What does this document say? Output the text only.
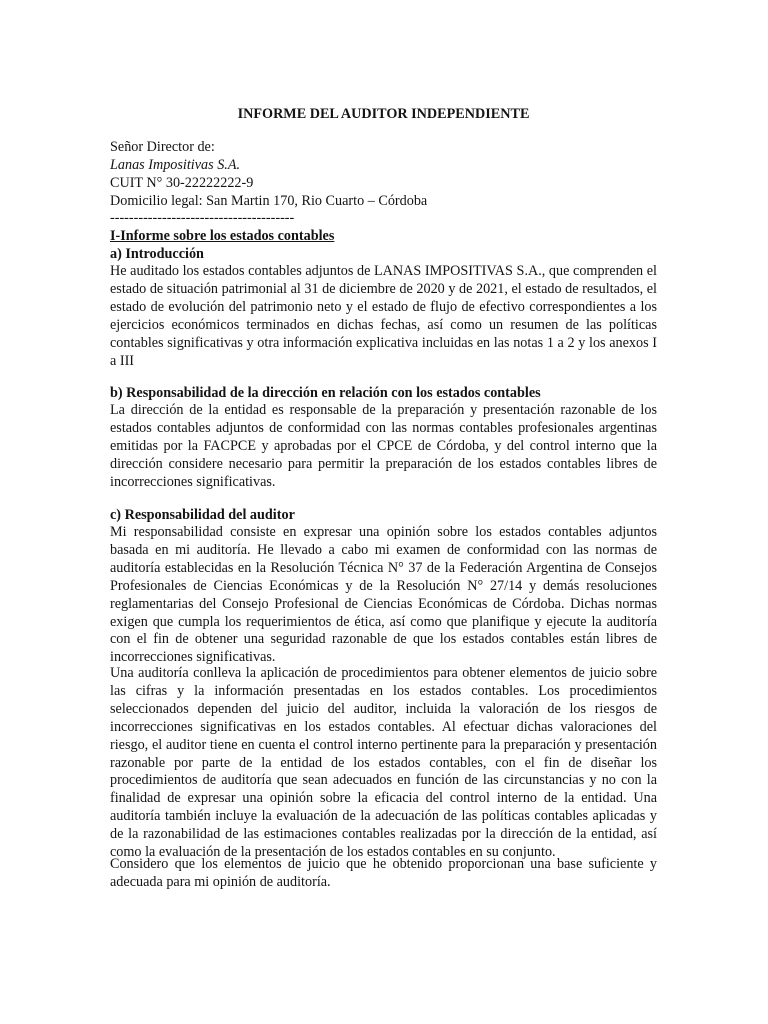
INFORME DEL AUDITOR INDEPENDIENTE
Señor Director de:
Lanas Impositivas S.A.
CUIT N° 30-22222222-9
Domicilio legal: San Martin 170, Rio Cuarto – Córdoba
---------------------------------------
I-Informe sobre los estados contables
a) Introducción

He auditado los estados contables adjuntos de LANAS IMPOSITIVAS S.A., que comprenden el estado de situación patrimonial al 31 de diciembre de 2020 y de 2021, el estado de resultados, el estado de evolución del patrimonio neto y el estado de flujo de efectivo correspondientes a los ejercicios económicos terminados en dichas fechas, así como un resumen de las políticas contables significativas y otra información explicativa incluidas en las notas 1 a 2 y los anexos I a III

b) Responsabilidad de la dirección en relación con los estados contables

La dirección de la entidad es responsable de la preparación y presentación razonable de los estados contables adjuntos de conformidad con las normas contables profesionales argentinas emitidas por la FACPCE y aprobadas por el CPCE de Córdoba, y del control interno que la dirección considere necesario para permitir la preparación de los estados contables libres de incorrecciones significativas.

c) Responsabilidad del auditor

Mi responsabilidad consiste en expresar una opinión sobre los estados contables adjuntos basada en mi auditoría. He llevado a cabo mi examen de conformidad con las normas de auditoría establecidas en la Resolución Técnica N° 37 de la Federación Argentina de Consejos Profesionales de Ciencias Económicas y de la Resolución N° 27/14 y demás resoluciones reglamentarias del Consejo Profesional de Ciencias Económicas de Córdoba. Dichas normas exigen que cumpla los requerimientos de ética, así como que planifique y ejecute la auditoría con el fin de obtener una seguridad razonable de que los estados contables están libres de incorrecciones significativas.

Una auditoría conlleva la aplicación de procedimientos para obtener elementos de juicio sobre las cifras y la información presentadas en los estados contables. Los procedimientos seleccionados dependen del juicio del auditor, incluida la valoración de los riesgos de incorrecciones significativas en los estados contables. Al efectuar dichas valoraciones del riesgo, el auditor tiene en cuenta el control interno pertinente para la preparación y presentación razonable por parte de la entidad de los estados contables, con el fin de diseñar los procedimientos de auditoría que sean adecuados en función de las circunstancias y no con la finalidad de expresar una opinión sobre la eficacia del control interno de la entidad. Una auditoría también incluye la evaluación de la adecuación de las políticas contables aplicadas y de la razonabilidad de las estimaciones contables realizadas por la dirección de la entidad, así como la evaluación de la presentación de los estados contables en su conjunto.

Considero que los elementos de juicio que he obtenido proporcionan una base suficiente y adecuada para mi opinión de auditoría.
